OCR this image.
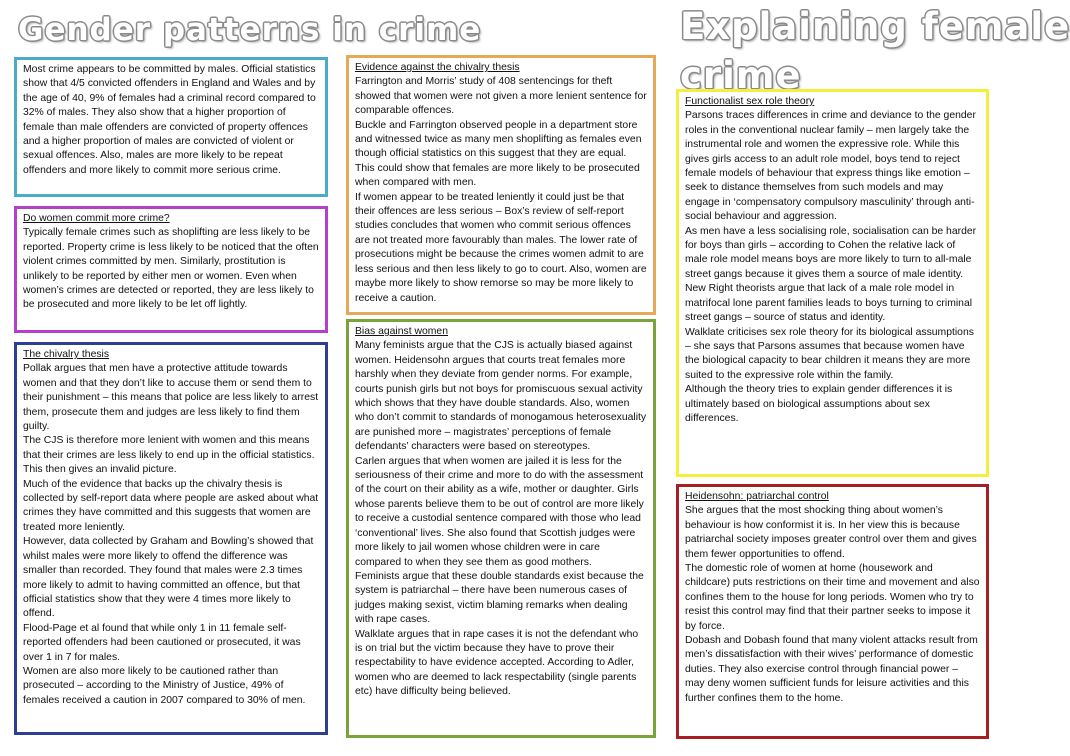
Gender patterns in crime	Explaining female
crime

Most crime appears to be committed by males. Official statistics show that 4/5 convicted offenders in England and Wales and by the age of 40, 9% of females had a criminal record compared to 32% of males. They also show that a higher proportion of female than male offenders are convicted of property offences and a higher proportion of males are convicted of violent or sexual offences. Also, males are more likely to be repeat offenders and more likely to commit more serious crime.

Do women commit more crime?

Typically female crimes such as shoplifting are less likely to be reported. Property crime is less likely to be noticed that the often violent crimes committed by men. Similarly, prostitution is unlikely to be reported by either men or women. Even when women’s crimes are detected or reported, they are less likely to be prosecuted and more likely to be let off lightly.

The chivalry thesis

Pollak argues that men have a protective attitude towards women and that they don’t like to accuse them or send them to their punishment – this means that police are less likely to arrest them, prosecute them and judges are less likely to find them guilty.

The CJS is therefore more lenient with women and this means that their crimes are less likely to end up in the official statistics. This then gives an invalid picture.

Much of the evidence that backs up the chivalry thesis is collected by self-report data where people are asked about what crimes they have committed and this suggests that women are treated more leniently.

However, data collected by Graham and Bowling’s showed that whilst males were more likely to offend the difference was smaller than recorded. They found that males were 2.3 times more likely to admit to having committed an offence, but that official statistics show that they were 4 times more likely to offend.

Flood-Page et al found that while only 1 in 11 female self-reported offenders had been cautioned or prosecuted, it was over 1 in 7 for males.

Women are also more likely to be cautioned rather than prosecuted – according to the Ministry of Justice, 49% of females received a caution in 2007 compared to 30% of men.

Evidence against the chivalry thesis

Farrington and Morris’ study of 408 sentencings for theft showed that women were not given a more lenient sentence for comparable offences.

Buckle and Farrington observed people in a department store and witnessed twice as many men shoplifting as females even though official statistics on this suggest that they are equal. This could show that females are more likely to be prosecuted when compared with men.

If women appear to be treated leniently it could just be that their offences are less serious – Box’s review of self-report studies concludes that women who commit serious offences are not treated more favourably than males. The lower rate of prosecutions might be because the crimes women admit to are less serious and then less likely to go to court. Also, women are maybe more likely to show remorse so may be more likely to receive a caution.

Bias against women

Many feminists argue that the CJS is actually biased against women. Heidensohn argues that courts treat females more harshly when they deviate from gender norms. For example, courts punish girls but not boys for promiscuous sexual activity which shows that they have double standards. Also, women who don’t commit to standards of monogamous heterosexuality are punished more – magistrates’ perceptions of female defendants’ characters were based on stereotypes.

Carlen argues that when women are jailed it is less for the seriousness of their crime and more to do with the assessment of the court on their ability as a wife, mother or daughter. Girls whose parents believe them to be out of control are more likely to receive a custodial sentence compared with those who lead ‘conventional’ lives. She also found that Scottish judges were more likely to jail women whose children were in care compared to when they see them as good mothers.

Feminists argue that these double standards exist because the system is patriarchal – there have been numerous cases of judges making sexist, victim blaming remarks when dealing with rape cases.

Walklate argues that in rape cases it is not the defendant who is on trial but the victim because they have to prove their respectability to have evidence accepted. According to Adler, women who are deemed to lack respectability (single parents etc) have difficulty being believed.

Functionalist sex role theory

Parsons traces differences in crime and deviance to the gender roles in the conventional nuclear family – men largely take the instrumental role and women the expressive role. While this gives girls access to an adult role model, boys tend to reject female models of behaviour that express things like emotion – seek to distance themselves from such models and may engage in ‘compensatory compulsory masculinity’ through anti-social behaviour and aggression.

As men have a less socialising role, socialisation can be harder for boys than girls – according to Cohen the relative lack of male role model means boys are more likely to turn to all-male street gangs because it gives them a source of male identity.

New Right theorists argue that lack of a male role model in matrifocal lone parent families leads to boys turning to criminal street gangs – source of status and identity.

Walklate criticises sex role theory for its biological assumptions – she says that Parsons assumes that because women have the biological capacity to bear children it means they are more suited to the expressive role within the family.

Although the theory tries to explain gender differences it is ultimately based on biological assumptions about sex differences.

Heidensohn: patriarchal control

She argues that the most shocking thing about women’s behaviour is how conformist it is. In her view this is because patriarchal society imposes greater control over them and gives them fewer opportunities to offend.

The domestic role of women at home (housework and childcare) puts restrictions on their time and movement and also confines them to the house for long periods. Women who try to resist this control may find that their partner seeks to impose it by force.

Dobash and Dobash found that many violent attacks result from men’s dissatisfaction with their wives’ performance of domestic duties. They also exercise control through financial power – may deny women sufficient funds for leisure activities and this further confines them to the home.
